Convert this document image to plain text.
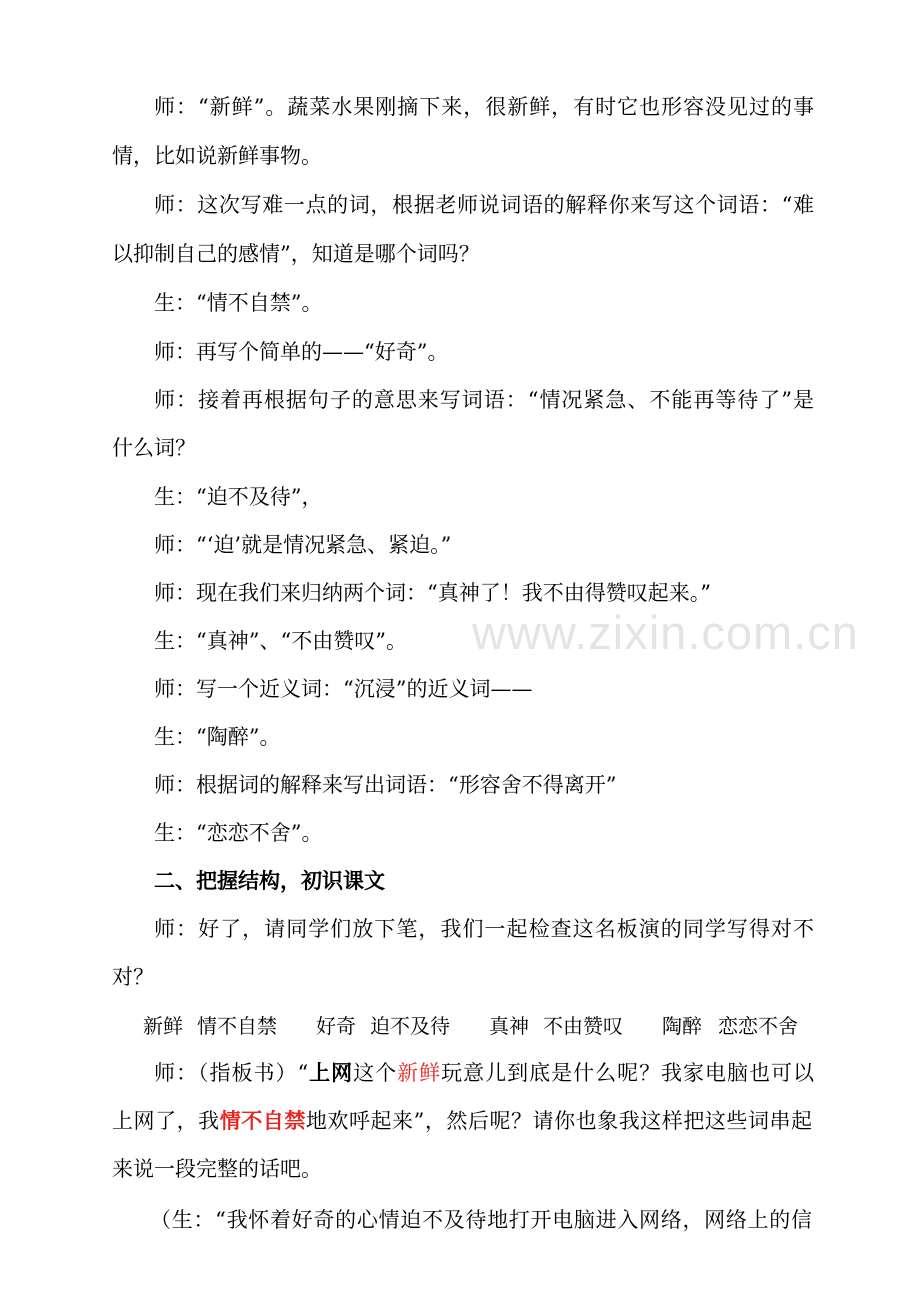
师：“新鲜”。蔬菜水果刚摘下来，很新鲜，有时它也形容没见过的事
情，比如说新鲜事物。
师：这次写难一点的词，根据老师说词语的解释你来写这个词语：“难
以抑制自己的感情”，知道是哪个词吗？
生：“情不自禁”。
师：再写个简单的——“好奇”。
师：接着再根据句子的意思来写词语：“情况紧急、不能再等待了”是
什么词？
生：“迫不及待”，
师：“‘迫’就是情况紧急、紧迫。”
师：现在我们来归纳两个词：“真神了！我不由得赞叹起来。”
生：“真神”、“不由赞叹”。
师：写一个近义词：“沉浸”的近义词——
生：“陶醉”。
师：根据词的解释来写出词语：“形容舍不得离开”
生：“恋恋不舍”。
二、把握结构，初识课文
师：好了，请同学们放下笔，我们一起检查这名板演的同学写得对不
对？
新鲜 情不自禁 好奇 迫不及待 真神 不由赞叹 陶醉 恋恋不舍
师：（指板书）“上网这个新鲜玩意儿到底是什么呢？我家电脑也可以
上网了，我情不自禁地欢呼起来”，然后呢？请你也象我这样把这些词串起
来说一段完整的话吧。
（生：“我怀着好奇的心情迫不及待地打开电脑进入网络，网络上的信
www.zixin.com.cn
